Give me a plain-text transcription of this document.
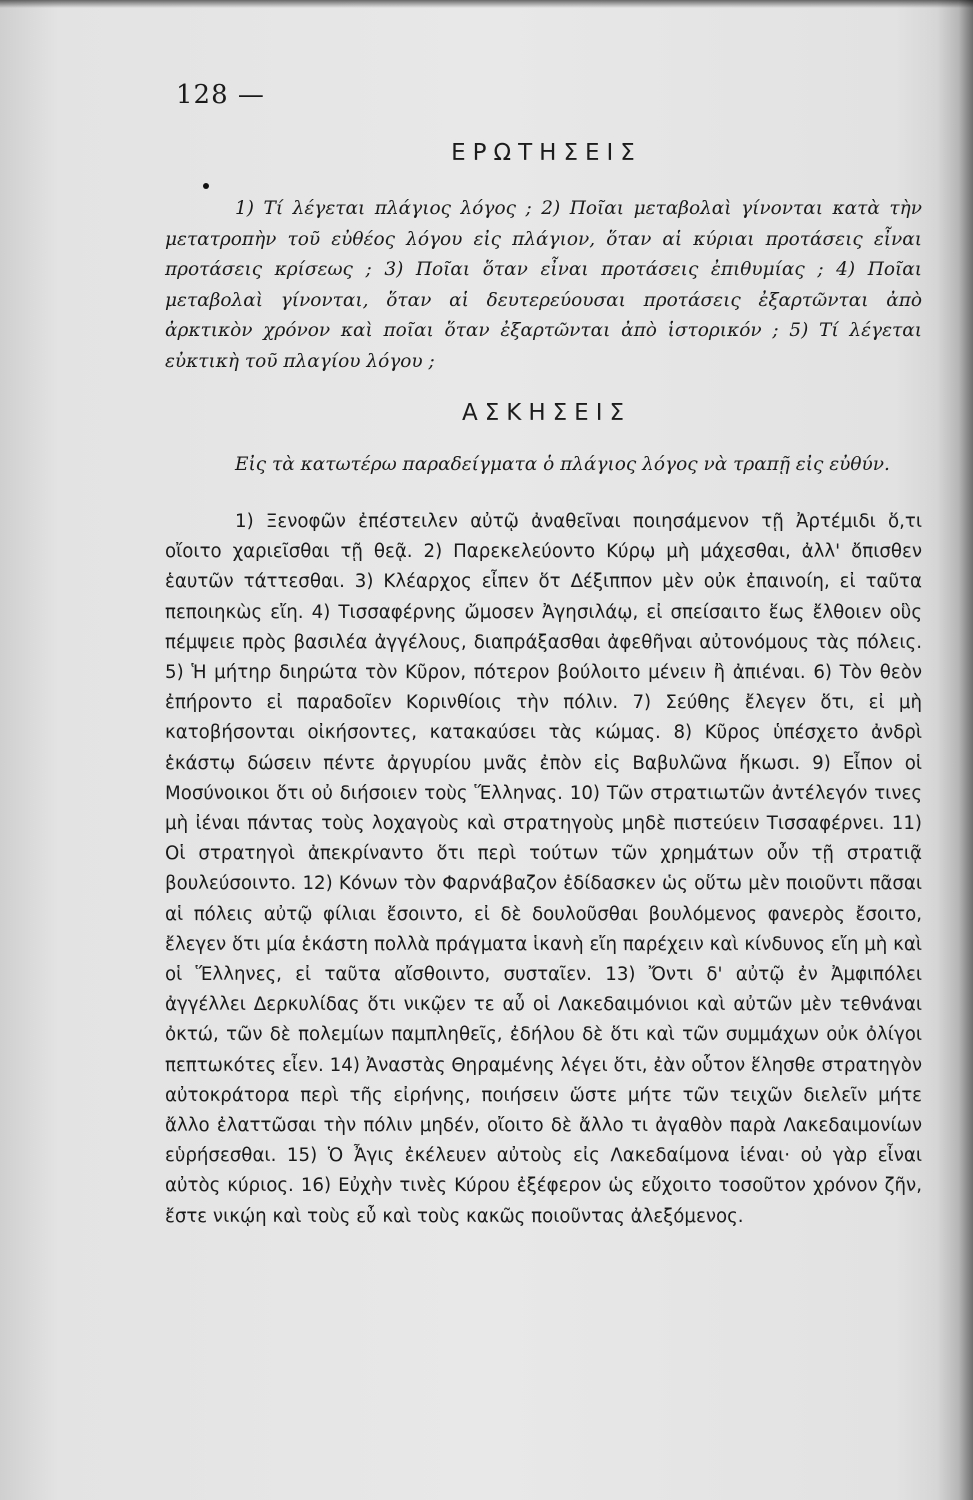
128 —
ΕΡΩΤΗΣΕΙΣ

1) Τί λέγεται πλάγιος λόγος ; 2) Ποῖαι μεταβολαὶ γίνονται κατὰ τὴν μετατροπὴν τοῦ εὐθέος λόγου εἰς πλάγιον, ὅταν αἱ κύριαι προτάσεις εἶναι προτάσεις κρίσεως ; 3) Ποῖαι ὅταν εἶναι προτάσεις ἐπιθυμίας ; 4) Ποῖαι μεταβολαὶ γίνονται, ὅταν αἱ δευτερεύουσαι προτάσεις ἐξαρτῶνται ἀπὸ ἀρκτικὸν χρόνον καὶ ποῖαι ὅταν ἐξαρτῶνται ἀπὸ ἱστορικόν ; 5) Τί λέγεται εὐκτικὴ τοῦ πλαγίου λόγου ;

ΑΣΚΗΣΕΙΣ

Εἰς τὰ κατωτέρω παραδείγματα ὁ πλάγιος λόγος νὰ τραπῇ εἰς εὐθύν.

1) Ξενοφῶν ἐπέστειλεν αὐτῷ ἀναθεῖναι ποιησάμενον τῇ Ἀρτέμιδι ὅ,τι οἴοιτο χαριεῖσθαι τῇ θεᾷ. 2) Παρεκελεύοντο Κύρῳ μὴ μάχεσθαι, ἀλλ' ὄπισθεν ἑαυτῶν τάττεσθαι. 3) Κλέαρχος εἶπεν ὅτ Δέξιππον μὲν οὐκ ἐπαινοίη, εἰ ταῦτα πεποιηκὼς εἴη. 4) Τισσαφέρνης ὤμοσεν Ἀγησιλάῳ, εἰ σπείσαιτο ἕως ἔλθοιεν οὓς πέμψειε πρὸς βασιλέα ἀγγέλους, διαπράξασθαι ἀφεθῆναι αὐτονόμους τὰς πόλεις. 5) Ἡ μήτηρ διηρώτα τὸν Κῦρον, πότερον βούλοιτο μένειν ἢ ἀπιέναι. 6) Τὸν θεὸν ἐπήροντο εἰ παραδοῖεν Κορινθίοις τὴν πόλιν. 7) Σεύθης ἔλεγεν ὅτι, εἰ μὴ κατοβήσονται οἰκήσοντες, κατακαύσει τὰς κώμας. 8) Κῦρος ὑπέσχετο ἀνδρὶ ἑκάστῳ δώσειν πέντε ἀργυρίου μνᾶς ἐπὸν εἰς Βαβυλῶνα ἥκωσι. 9) Εἶπον οἱ Μοσύνοικοι ὅτι οὐ διήσοιεν τοὺς Ἕλληνας. 10) Τῶν στρατιωτῶν ἀντέλεγόν τινες μὴ ἰέναι πάντας τοὺς λοχαγοὺς καὶ στρατηγοὺς μηδὲ πιστεύειν Τισσαφέρνει. 11) Οἱ στρατηγοὶ ἀπεκρίναντο ὅτι περὶ τούτων τῶν χρημάτων οὖν τῇ στρατιᾷ βουλεύσοιντο. 12) Κόνων τὸν Φαρνάβαζον ἐδίδασκεν ὡς οὕτω μὲν ποιοῦντι πᾶσαι αἱ πόλεις αὐτῷ φίλιαι ἔσοιντο, εἰ δὲ δουλοῦσθαι βουλόμενος φανερὸς ἔσοιτο, ἔλεγεν ὅτι μία ἑκάστη πολλὰ πράγματα ἱκανὴ εἴη παρέχειν καὶ κίνδυνος εἴη μὴ καὶ οἱ Ἕλληνες, εἰ ταῦτα αἴσθοιντο, συσταῖεν. 13) Ὄντι δ' αὐτῷ ἐν Ἀμφιπόλει ἀγγέλλει Δερκυλίδας ὅτι νικῷεν τε αὖ οἱ Λακεδαιμόνιοι καὶ αὐτῶν μὲν τεθνάναι ὀκτώ, τῶν δὲ πολεμίων παμπληθεῖς, ἐδήλου δὲ ὅτι καὶ τῶν συμμάχων οὐκ ὀλίγοι πεπτωκότες εἶεν. 14) Ἀναστὰς Θηραμένης λέγει ὅτι, ἐὰν οὗτον ἕλησθε στρατηγὸν αὐτοκράτορα περὶ τῆς εἰρήνης, ποιήσειν ὥστε μήτε τῶν τειχῶν διελεῖν μήτε ἄλλο ἐλαττῶσαι τὴν πόλιν μηδέν, οἴοιτο δὲ ἄλλο τι ἀγαθὸν παρὰ Λακεδαιμονίων εὑρήσεσθαι. 15) Ὁ Ἆγις ἐκέλευεν αὐτοὺς εἰς Λακεδαίμονα ἰέναι· οὐ γὰρ εἶναι αὐτὸς κύριος. 16) Εὐχὴν τινὲς Κύρου ἐξέφερον ὡς εὔχοιτο τοσοῦτον χρόνον ζῆν, ἔστε νικῴη καὶ τοὺς εὖ καὶ τοὺς κακῶς ποιοῦντας ἀλεξόμενος.
